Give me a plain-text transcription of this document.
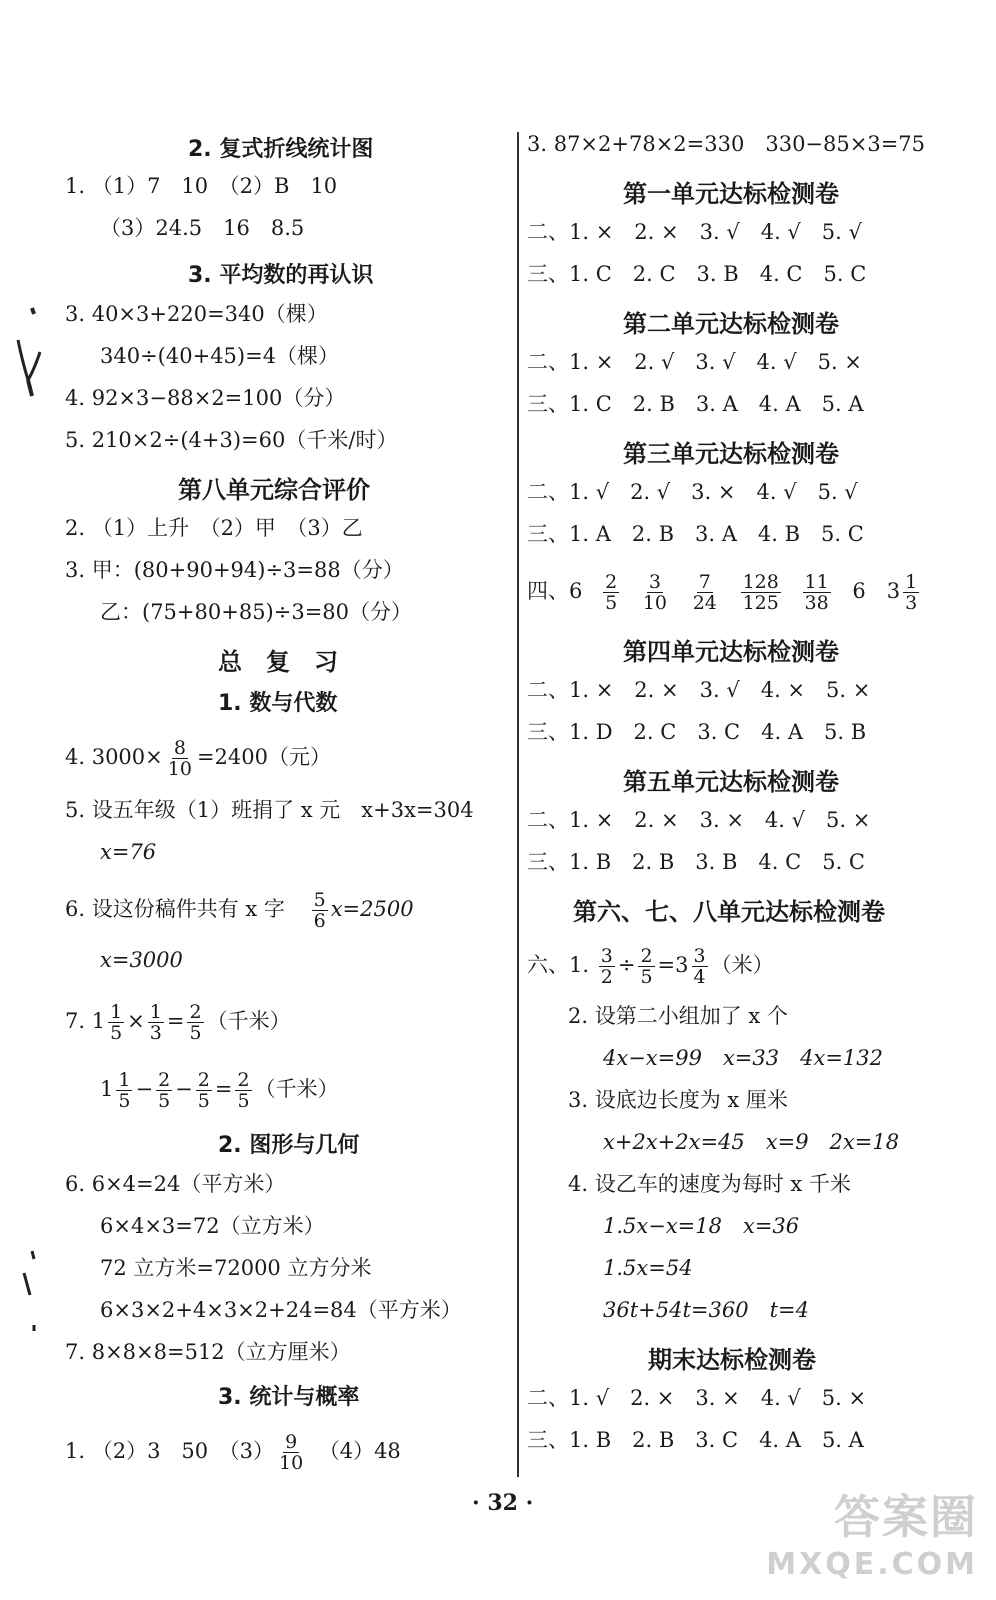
2. 复式折线统计图
1. （1）7　10　（2）B　10
（3）24.5　16　8.5
3. 平均数的再认识
3. 40×3+220=340（棵）
340÷(40+45)=4（棵）
4. 92×3−88×2=100（分）
5. 210×2÷(4+3)=60（千米/时）
第八单元综合评价
2. （1）上升　（2）甲　（3）乙
3. 甲：(80+90+94)÷3=88（分）
乙：(75+80+85)÷3=80（分）
总　复　习
1. 数与代数
4. $3000\times \frac{8}{10} =2400$（元）
5. 设五年级（1）班捐了 x 元　x+3x=304
x=76
6. 设这份稿件共有 x 字 $\frac{5}{6} x=2500$
x=3000
7. $1 \frac{1}{5} \times \frac{1}{3} = \frac{2}{5}$ （千米）
$1 \frac{1}{5} - \frac{2}{5} - \frac{2}{5} = \frac{2}{5}$ （千米）
2. 图形与几何
6. 6×4=24（平方米）
6×4×3=72（立方米）
72 立方米=72000 立方分米
6×3×2+4×3×2+24=84（平方米）
7. 8×8×8=512（立方厘米）
3. 统计与概率
1. （2）3　50　$(3) \frac{9}{10}$
　 （4）48
3. 87×2+78×2=330　330−85×3=75
第一单元达标检测卷
二、1. ×　2. ×　3. √　4. √　5. √
三、1. C　2. C　3. B　4. C　5. C
第二单元达标检测卷
二、1. ×　2. √　3. √　4. √　5. ×
三、1. C　2. B　3. A　4. A　5. A
第三单元达标检测卷
二、1. √　2. √　3. ×　4. √　5. √
三、1. A　2. B　3. A　4. B　5. C
四、$6 \frac{2}{5}$
$\frac{3}{10}$
$\frac{7}{24}$
$\frac{128}{125}$
$\frac{11}{38} 6$　$3 \frac{1}{3}$
第四单元达标检测卷
二、1. ×　2. ×　3. √　4. ×　5. ×
三、1. D　2. C　3. C　4. A　5. B
第五单元达标检测卷
二、1. ×　2. ×　3. ×　4. √　5. ×
三、1. B　2. B　3. B　4. C　5. C
第六、七、八单元达标检测卷
六、1. $\frac{3}{2} \div \frac{2}{5} =3 \frac{3}{4}$ （米）
2. 设第二小组加了 x 个
4x−x=99　x=33　4x=132
3. 设底边长度为 x 厘米
x+2x+2x=45　x=9　2x=18
4. 设乙车的速度为每时 x 千米
1.5x−x=18　x=36
1.5x=54
36t+54t=360　t=4
期末达标检测卷
二、1. √　2. ×　3. ×　4. √　5. ×
三、1. B　2. B　3. C　4. A　5. A
· 32 ·	答案圈
MXQE.COM
